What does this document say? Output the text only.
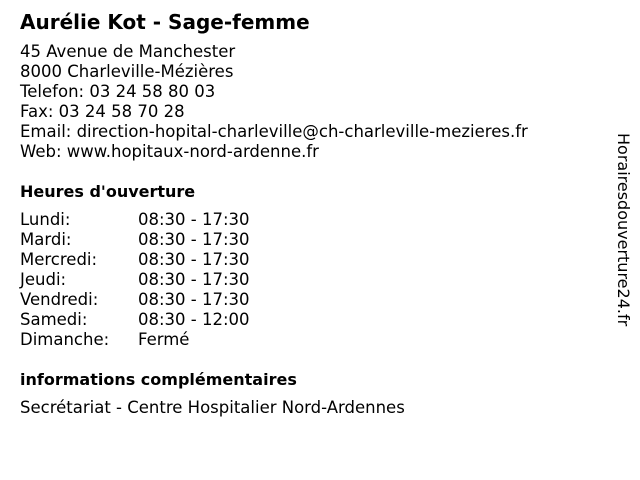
Aurélie Kot - Sage-femme
45 Avenue de Manchester
8000 Charleville-Mézières
Telefon: 03 24 58 80 03
Fax: 03 24 58 70 28
Email: direction-hopital-charleville@ch-charleville-mezieres.fr
Web: www.hopitaux-nord-ardenne.fr
Heures d'ouverture
Lundi:	08:30 - 17:30
Mardi:	08:30 - 17:30
Mercredi:	08:30 - 17:30
Jeudi:	08:30 - 17:30
Vendredi:	08:30 - 17:30
Samedi:	08:30 - 12:00
Dimanche:	Fermé
informations complémentaires
Secrétariat - Centre Hospitalier Nord-Ardennes
Horairesdouverture24.fr
